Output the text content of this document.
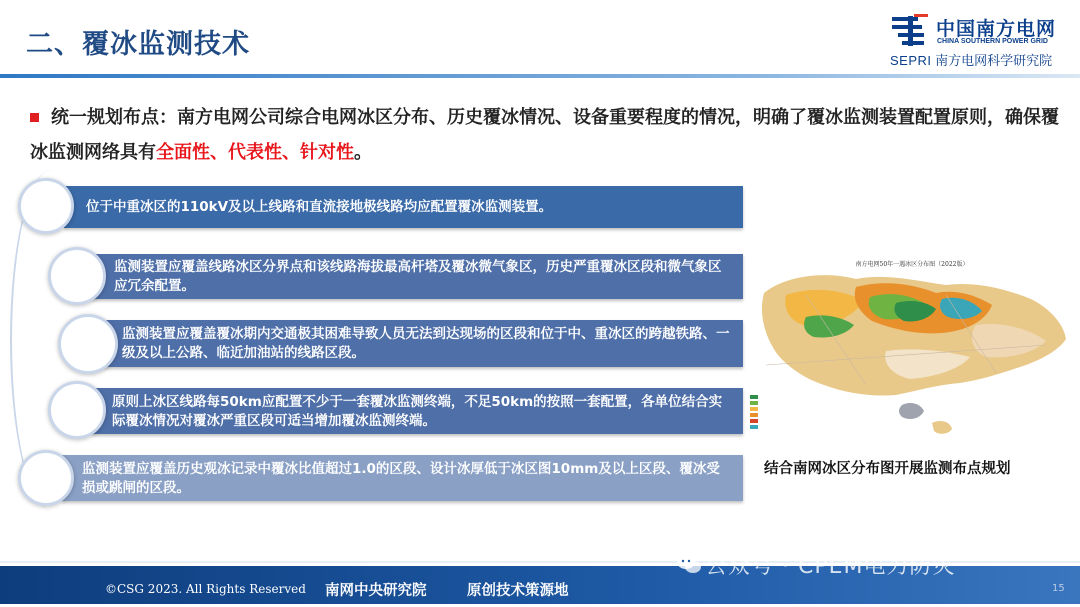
二、覆冰监测技术	中国南方电网
CHINA SOUTHERN POWER GRID
SEPRI 南方电网科学研究院
统一规划布点：南方电网公司综合电网冰区分布、历史覆冰情况、设备重要程度的情况，明确了覆冰监测装置配置原则，确保覆冰监测网络具有全面性、代表性、针对性。
位于中重冰区的110kV及以上线路和直流接地极线路均应配置覆冰监测装置。
监测装置应覆盖线路冰区分界点和该线路海拔最高杆塔及覆冰微气象区，历史严重覆冰区段和微气象区应冗余配置。
监测装置应覆盖覆冰期内交通极其困难导致人员无法到达现场的区段和位于中、重冰区的跨越铁路、一级及以上公路、临近加油站的线路区段。
原则上冰区线路每50km应配置不少于一套覆冰监测终端，不足50km的按照一套配置，各单位结合实际覆冰情况对覆冰严重区段可适当增加覆冰监测终端。
监测装置应覆盖历史观冰记录中覆冰比值超过1.0的区段、设计冰厚低于冰区图10mm及以上区段、覆冰受损或跳闸的区段。
南方电网50年一遇冰区分布图（2022版）
结合南网冰区分布图开展监测布点规划
©CSG 2023. All Rights Reserved 南网中央研究院	原创技术策源地	15
公众号 · CPEM电力防灾
